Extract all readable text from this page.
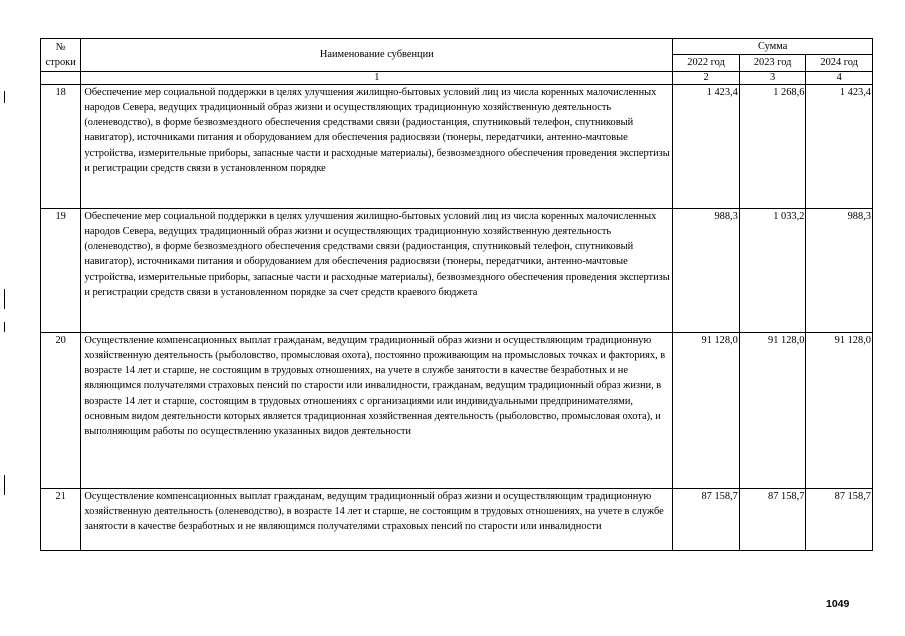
№
строки	Наименование субвенции	Сумма		
		2022 год	2023 год	2024 год
	1	2	3	4
18	Обеспечение мер социальной поддержки в целях улучшения жилищно-бытовых условий лиц из числа коренных малочисленных народов Севера, ведущих традиционный образ жизни и осуществляющих традиционную хозяйственную деятельность (оленеводство), в форме безвозмездного обеспечения средствами связи (радиостанция, спутниковый телефон, спутниковый навигатор), источниками питания и оборудованием для обеспечения радиосвязи (тюнеры, передатчики, антенно-мачтовые устройства, измерительные приборы, запасные части и расходные материалы), безвозмездного обеспечения проведения экспертизы и регистрации средств связи в установленном порядке	1 423,4	1 268,6	1 423,4
19	Обеспечение мер социальной поддержки в целях улучшения жилищно-бытовых условий лиц из числа коренных малочисленных народов Севера, ведущих традиционный образ жизни и осуществляющих традиционную хозяйственную деятельность (оленеводство), в форме безвозмездного обеспечения средствами связи (радиостанция, спутниковый телефон, спутниковый навигатор), источниками питания и оборудованием для обеспечения радиосвязи (тюнеры, передатчики, антенно-мачтовые устройства, измерительные приборы, запасные части и расходные материалы), безвозмездного обеспечения проведения экспертизы и регистрации средств связи в установленном порядке за счет средств краевого бюджета	988,3	1 033,2	988,3
20	Осуществление компенсационных выплат гражданам, ведущим традиционный образ жизни и осуществляющим традиционную хозяйственную деятельность (рыболовство, промысловая охота), постоянно проживающим на промысловых точках и факториях, в возрасте 14 лет и старше, не состоящим в трудовых отношениях, на учете в службе занятости в качестве безработных и не являющимся получателями страховых пенсий по старости или инвалидности, гражданам, ведущим традиционный образ жизни, в возрасте 14 лет и старше, состоящим в трудовых отношениях с организациями или индивидуальными предпринимателями, основным видом деятельности которых является традиционная хозяйственная деятельность (рыболовство, промысловая охота), и выполняющим работы по осуществлению указанных видов деятельности	91 128,0	91 128,0	91 128,0
21	Осуществление компенсационных выплат гражданам, ведущим традиционный образ жизни и осуществляющим традиционную хозяйственную деятельность (оленеводство), в возрасте 14 лет и старше, не состоящим в трудовых отношениях, на учете в службе занятости в качестве безработных и не являющимся получателями страховых пенсий по старости или инвалидности	87 158,7	87 158,7	87 158,7
1049
